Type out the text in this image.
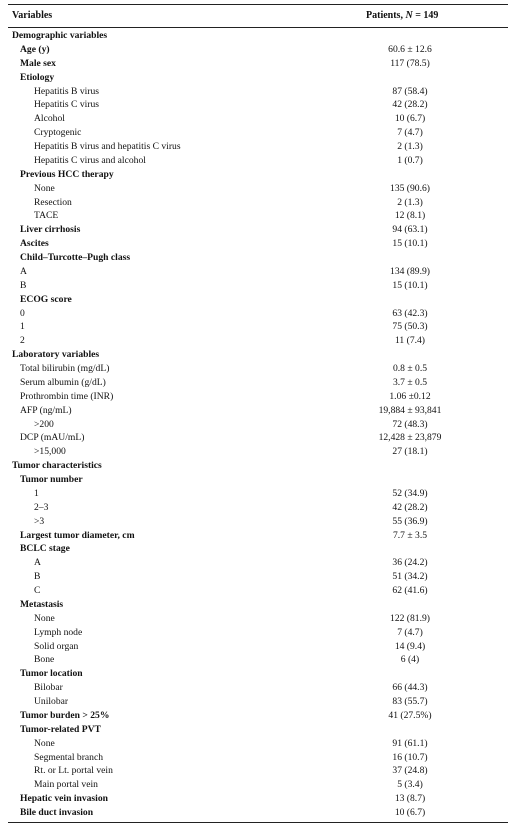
Variables	Patients, N = 149
Demographic variables
Age (y)	60.6 ± 12.6
Male sex	117 (78.5)
Etiology
Hepatitis B virus	87 (58.4)
Hepatitis C virus	42 (28.2)
Alcohol	10 (6.7)
Cryptogenic	7 (4.7)
Hepatitis B virus and hepatitis C virus	2 (1.3)
Hepatitis C virus and alcohol	1 (0.7)
Previous HCC therapy
None	135 (90.6)
Resection	2 (1.3)
TACE	12 (8.1)
Liver cirrhosis	94 (63.1)
Ascites	15 (10.1)
Child–Turcotte–Pugh class
A	134 (89.9)
B	15 (10.1)
ECOG score
0	63 (42.3)
1	75 (50.3)
2	11 (7.4)
Laboratory variables
Total bilirubin (mg/dL)	0.8 ± 0.5
Serum albumin (g/dL)	3.7 ± 0.5
Prothrombin time (INR)	1.06 ±0.12
AFP (ng/mL)	19,884 ± 93,841
>200	72 (48.3)
DCP (mAU/mL)	12,428 ± 23,879
>15,000	27 (18.1)
Tumor characteristics
Tumor number
1	52 (34.9)
2–3	42 (28.2)
>3	55 (36.9)
Largest tumor diameter, cm	7.7 ± 3.5
BCLC stage
A	36 (24.2)
B	51 (34.2)
C	62 (41.6)
Metastasis
None	122 (81.9)
Lymph node	7 (4.7)
Solid organ	14 (9.4)
Bone	6 (4)
Tumor location
Bilobar	66 (44.3)
Unilobar	83 (55.7)
Tumor burden > 25%	41 (27.5%)
Tumor-related PVT
None	91 (61.1)
Segmental branch	16 (10.7)
Rt. or Lt. portal vein	37 (24.8)
Main portal vein	5 (3.4)
Hepatic vein invasion	13 (8.7)
Bile duct invasion	10 (6.7)
